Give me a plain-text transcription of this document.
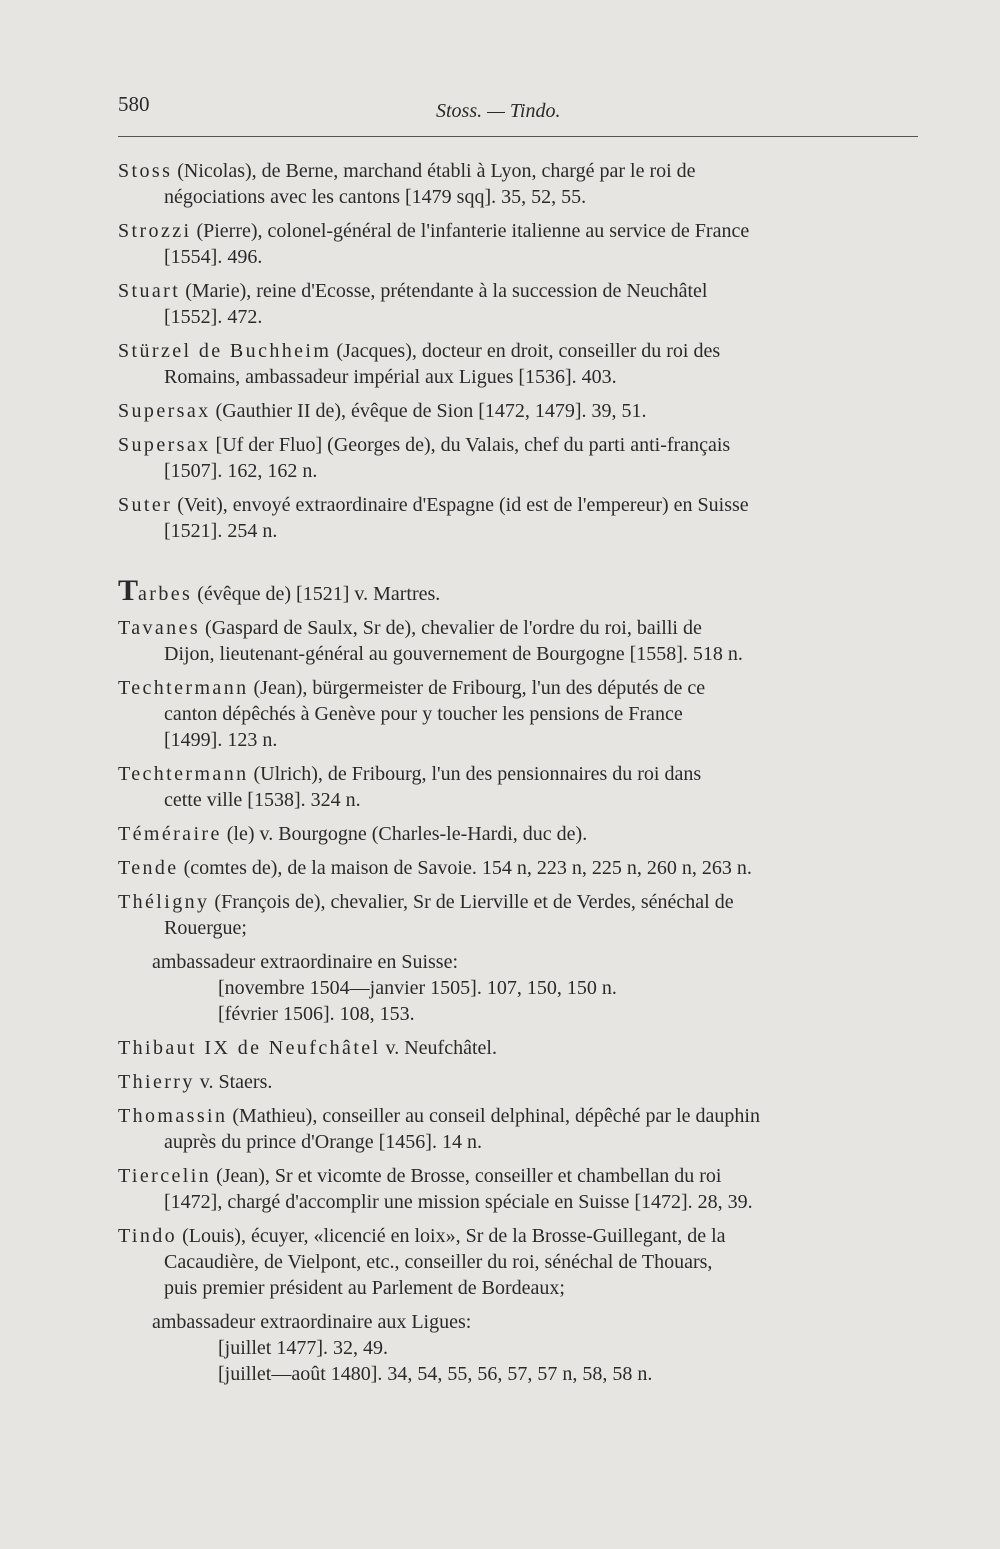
580	Stoss. — Tindo.
Stoss (Nicolas), de Berne, marchand établi à Lyon, chargé par le roi de
négociations avec les cantons [1479 sqq]. 35, 52, 55.
Strozzi (Pierre), colonel-général de l'infanterie italienne au service de France
[1554]. 496.
Stuart (Marie), reine d'Ecosse, prétendante à la succession de Neuchâtel
[1552]. 472.
Stürzel de Buchheim (Jacques), docteur en droit, conseiller du roi des
Romains, ambassadeur impérial aux Ligues [1536]. 403.
Supersax (Gauthier II de), évêque de Sion [1472, 1479]. 39, 51.
Supersax [Uf der Fluo] (Georges de), du Valais, chef du parti anti-français
[1507]. 162, 162 n.
Suter (Veit), envoyé extraordinaire d'Espagne (id est de l'empereur) en Suisse
[1521]. 254 n.
Tarbes (évêque de) [1521] v. Martres.
Tavanes (Gaspard de Saulx, Sr de), chevalier de l'ordre du roi, bailli de
Dijon, lieutenant-général au gouvernement de Bourgogne [1558]. 518 n.
Techtermann (Jean), bürgermeister de Fribourg, l'un des députés de ce
canton dépêchés à Genève pour y toucher les pensions de France
[1499]. 123 n.
Techtermann (Ulrich), de Fribourg, l'un des pensionnaires du roi dans
cette ville [1538]. 324 n.
Téméraire (le) v. Bourgogne (Charles-le-Hardi, duc de).
Tende (comtes de), de la maison de Savoie. 154 n, 223 n, 225 n, 260 n, 263 n.
Théligny (François de), chevalier, Sr de Lierville et de Verdes, sénéchal de
Rouergue;
ambassadeur extraordinaire en Suisse:
[novembre 1504—janvier 1505]. 107, 150, 150 n.
[février 1506]. 108, 153.
Thibaut IX de Neufchâtel v. Neufchâtel.
Thierry v. Staers.
Thomassin (Mathieu), conseiller au conseil delphinal, dépêché par le dauphin
auprès du prince d'Orange [1456]. 14 n.
Tiercelin (Jean), Sr et vicomte de Brosse, conseiller et chambellan du roi
[1472], chargé d'accomplir une mission spéciale en Suisse [1472]. 28, 39.
Tindo (Louis), écuyer, «licencié en loix», Sr de la Brosse-Guillegant, de la
Cacaudière, de Vielpont, etc., conseiller du roi, sénéchal de Thouars,
puis premier président au Parlement de Bordeaux;
ambassadeur extraordinaire aux Ligues:
[juillet 1477]. 32, 49.
[juillet—août 1480]. 34, 54, 55, 56, 57, 57 n, 58, 58 n.
